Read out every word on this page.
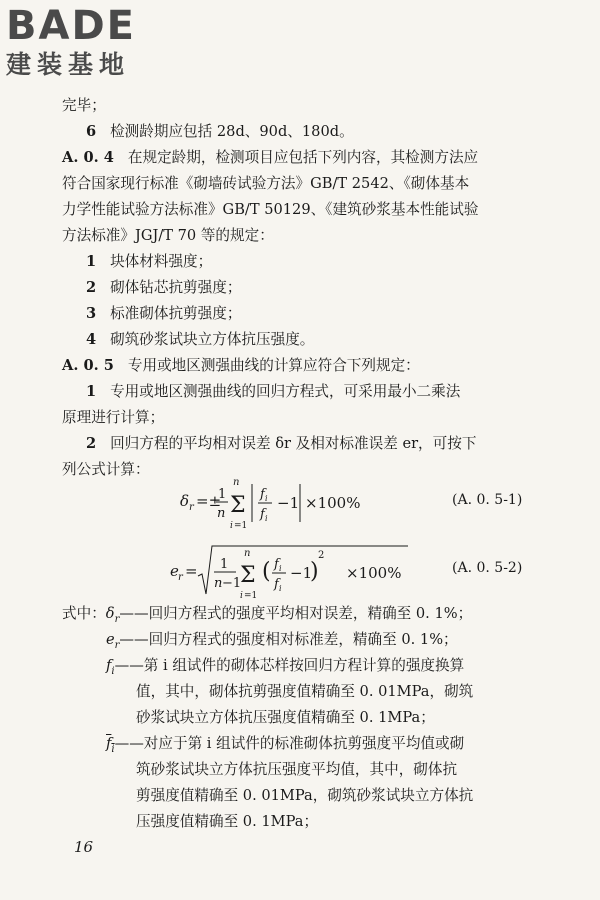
BADE
建装基地
完毕；
6 检测龄期应包括 28d、90d、180d。
A. 0. 4 在规定龄期，检测项目应包括下列内容，其检测方法应
符合国家现行标准《砌墙砖试验方法》GB/T 2542、《砌体基本
力学性能试验方法标准》GB/T 50129、《建筑砂浆基本性能试验
方法标准》JGJ/T 70 等的规定：
1 块体材料强度；
2 砌体钻芯抗剪强度；
3 标准砌体抗剪强度；
4 砌筑砂浆试块立方体抗压强度。
A. 0. 5 专用或地区测强曲线的计算应符合下列规定：
1 专用或地区测强曲线的回归方程式，可采用最小二乘法
原理进行计算；
2 回归方程的平均相对误差 δr 及相对标准误差 er，可按下
列公式计算：
δ r =±
1
n
n
Σ
i =1
f i
f i
−1 ×100%	(A. 0. 5-1)
e r = 1
n −1
n
Σ
i =1
( f i
f i
−1
)
2
×100%	(A. 0. 5-2)
式中：$\delta_r——$回归方程式的强度平均相对误差，精确至 0. 1%；
$e_r——$回归方程式的强度相对标准差，精确至 0. 1%；
$f_i——$第 i 组试件的砌体芯样按回归方程计算的强度换算
值，其中，砌体抗剪强度值精确至 0. 01MPa，砌筑
砂浆试块立方体抗压强度值精确至 0. 1MPa；
$f_i——$对应于第 i 组试件的标准砌体抗剪强度平均值或砌
筑砂浆试块立方体抗压强度平均值，其中，砌体抗
剪强度值精确至 0. 01MPa，砌筑砂浆试块立方体抗
压强度值精确至 0. 1MPa；
16
